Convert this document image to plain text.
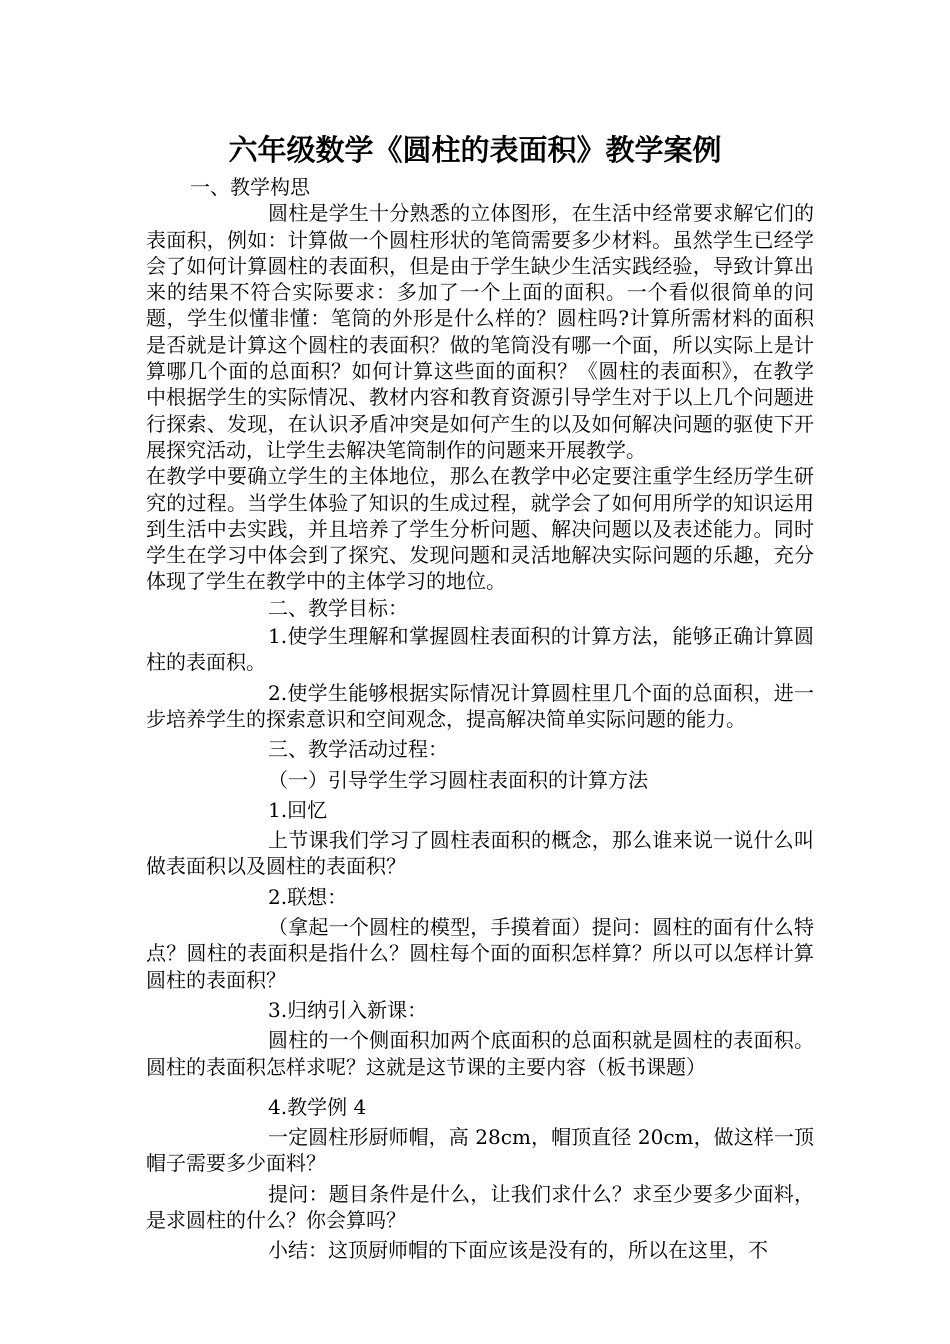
六年级数学《圆柱的表面积》教学案例

一、教学构思

圆柱是学生十分熟悉的立体图形，在生活中经常要求解它们的表面积，例如：计算做一个圆柱形状的笔筒需要多少材料。虽然学生已经学会了如何计算圆柱的表面积，但是由于学生缺少生活实践经验，导致计算出来的结果不符合实际要求：多加了一个上面的面积。一个看似很简单的问题，学生似懂非懂：笔筒的外形是什么样的？圆柱吗?计算所需材料的面积是否就是计算这个圆柱的表面积？做的笔筒没有哪一个面，所以实际上是计算哪几个面的总面积？如何计算这些面的面积？《圆柱的表面积》，在教学中根据学生的实际情况、教材内容和教育资源引导学生对于以上几个问题进行探索、发现，在认识矛盾冲突是如何产生的以及如何解决问题的驱使下开展探究活动，让学生去解决笔筒制作的问题来开展教学。

在教学中要确立学生的主体地位，那么在教学中必定要注重学生经历学生研究的过程。当学生体验了知识的生成过程，就学会了如何用所学的知识运用到生活中去实践，并且培养了学生分析问题、解决问题以及表述能力。同时学生在学习中体会到了探究、发现问题和灵活地解决实际问题的乐趣，充分体现了学生在教学中的主体学习的地位。

二、教学目标：

1.使学生理解和掌握圆柱表面积的计算方法，能够正确计算圆柱的表面积。

2.使学生能够根据实际情况计算圆柱里几个面的总面积，进一步培养学生的探索意识和空间观念，提高解决简单实际问题的能力。

三、教学活动过程：

（一）引导学生学习圆柱表面积的计算方法

1.回忆

上节课我们学习了圆柱表面积的概念，那么谁来说一说什么叫做表面积以及圆柱的表面积？

2.联想：

（拿起一个圆柱的模型，手摸着面）提问：圆柱的面有什么特点？圆柱的表面积是指什么？圆柱每个面的面积怎样算？所以可以怎样计算圆柱的表面积？

3.归纳引入新课：

圆柱的一个侧面积加两个底面积的总面积就是圆柱的表面积。圆柱的表面积怎样求呢？这就是这节课的主要内容（板书课题）

4.教学例 4

一定圆柱形厨师帽，高 28cm，帽顶直径 20cm，做这样一顶帽子需要多少面料？

提问：题目条件是什么，让我们求什么？求至少要多少面料，是求圆柱的什么？你会算吗？

小结：这顶厨师帽的下面应该是没有的，所以在这里，不
